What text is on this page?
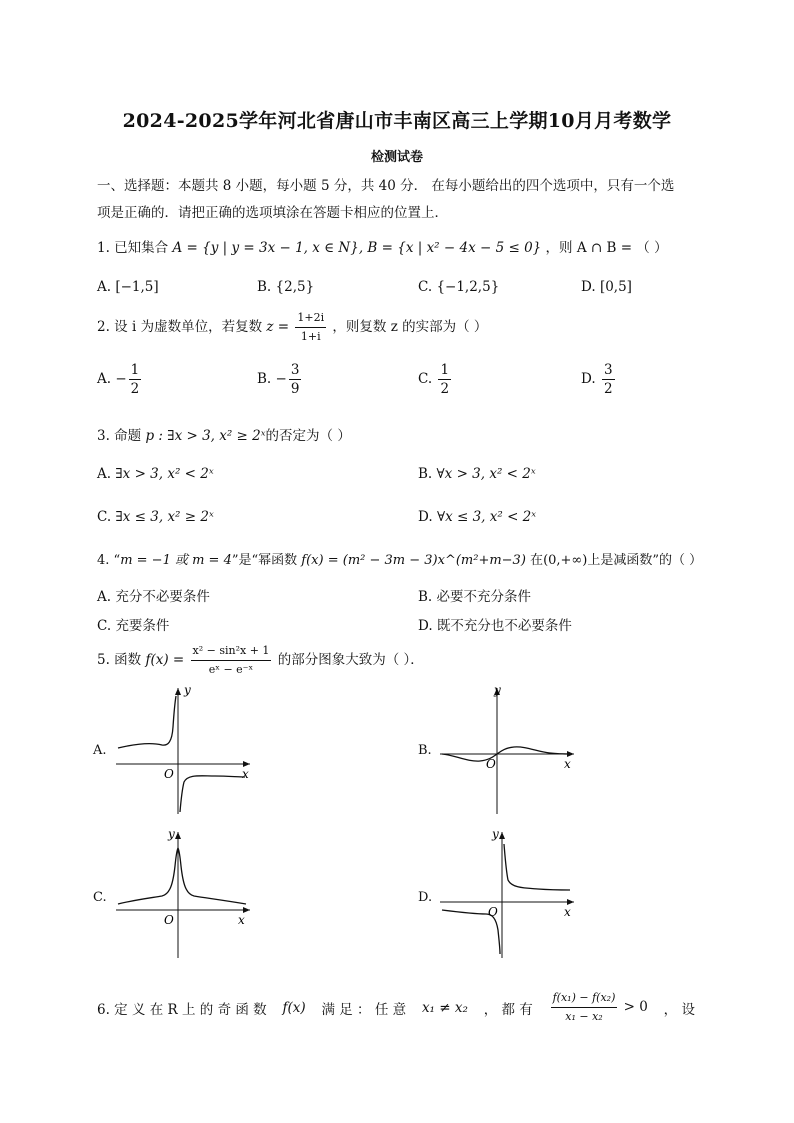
2024-2025学年河北省唐山市丰南区高三上学期10月月考数学
检测试卷
一、选择题：本题共 8 小题，每小题 5 分，共 40 分． 在每小题给出的四个选项中，只有一个选
项是正确的．请把正确的选项填涂在答题卡相应的位置上．
1. 已知集合 A = {y | y = 3x − 1, x ∈ N}, B = {x | x² − 4x − 5 ≤ 0} ，则 A ∩ B = （ ）
A. [−1,5]	B. {2,5}	C. {−1,2,5}	D. [0,5]
2. 设 i 为虚数单位，若复数 $z = \frac{1+2i}{1+i}$ ，则复数 z 的实部为（ ）
A. − $\frac{1}{2}$	B. − $\frac{3}{9}$	C. $\frac{1}{2}$	D. $\frac{3}{2}$
3. 命题 p : ∃x > 3, x² ≥ 2ˣ的否定为（ ）
A. ∃x > 3, x² < 2ˣ	B. ∀x > 3, x² < 2ˣ
C. ∃x ≤ 3, x² ≥ 2ˣ	D. ∀x ≤ 3, x² < 2ˣ
4. “m = −1 或 m = 4”是“幂函数 f(x) = (m² − 3m − 3)x^(m²+m−3) 在(0,+∞)上是减函数”的（ ）
A. 充分不必要条件	B. 必要不充分条件
C. 充要条件	D. 既不充分也不必要条件
5. 函数 $f(x) = \frac{\text{x² − sin²x + 1}}{\text{eˣ − e⁻ˣ}}$ 的部分图象大致为（ ）．
A.
y
x
O
B.
y
x
O
C.
y
x
O
D.
y
x
O
6. 定 义 在 R 上 的 奇 函 数 f(x) 满 足 ： 任 意 x₁ ≠ x₂ ， 都 有 $\frac{\text{f(x₁) − f(x₂)}}{\text{x₁ − x₂}} > 0$ ， 设
